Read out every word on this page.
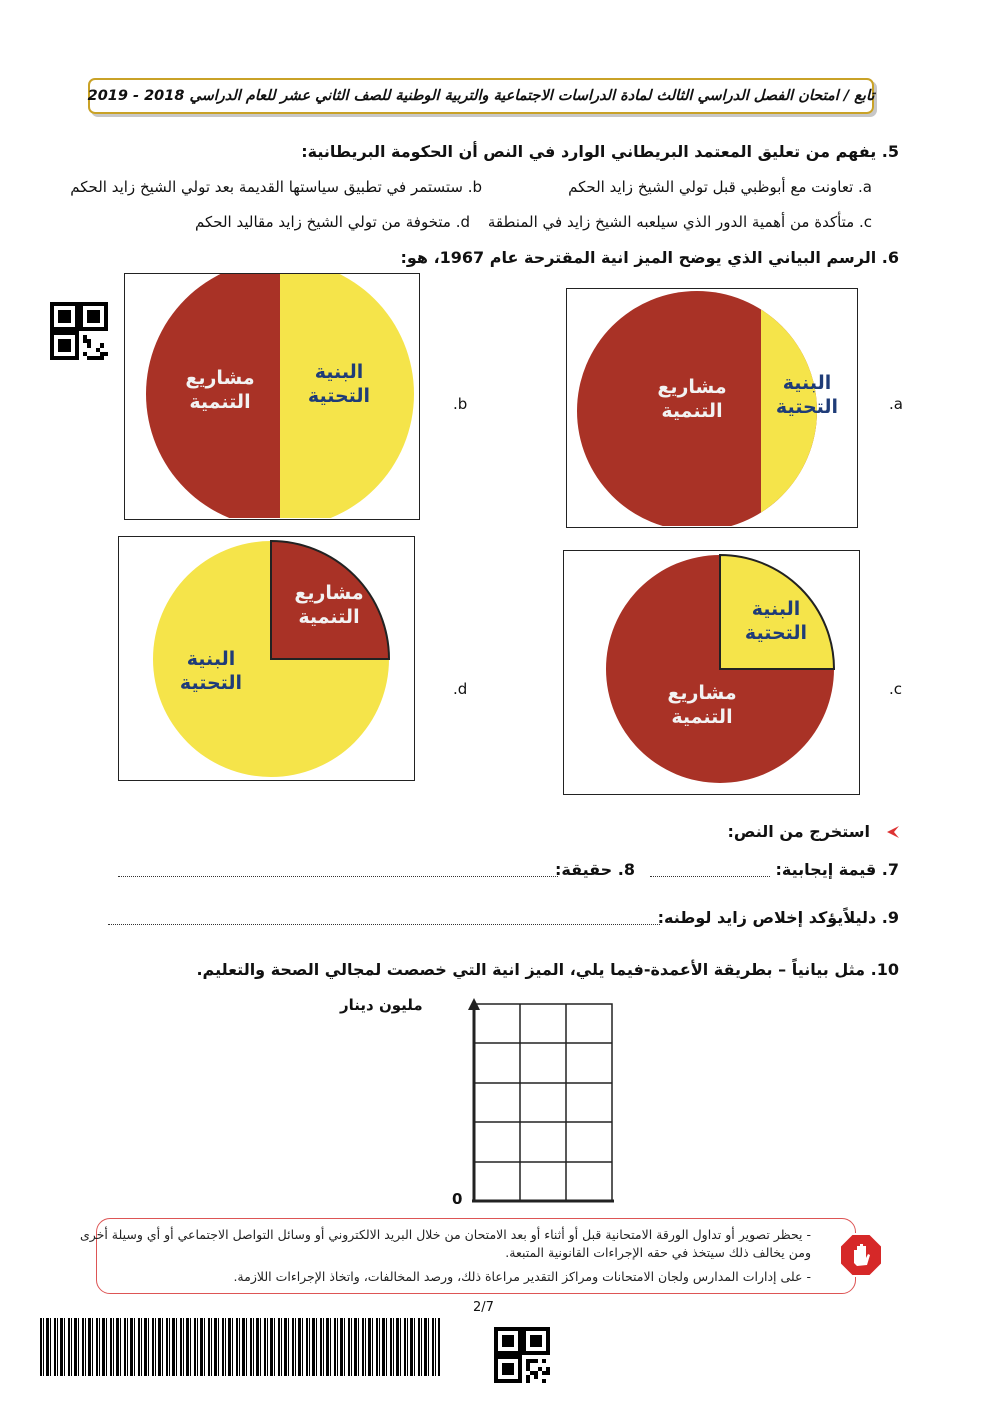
تابع / امتحان الفصل الدراسي الثالث لمادة الدراسات الاجتماعية والتربية الوطنية للصف الثاني عشر للعام الدراسي 2018 - 2019
5. يفهم من تعليق المعتمد البريطاني الوارد في النص أن الحكومة البريطانية:
a. تعاونت مع أبوظبي قبل تولي الشيخ زايد الحكم
b. ستستمر في تطبيق سياستها القديمة بعد تولي الشيخ زايد الحكم
c. متأكدة من أهمية الدور الذي سيلعبه الشيخ زايد في المنطقة
d. متخوفة من تولي الشيخ زايد مقاليد الحكم
6. الرسم البياني الذي يوضح الميز انية المقترحة عام 1967، هو:
مشاريع
التنمية
البنية
التحتية	.b
مشاريع
التنمية
البنية
التحتية	.a
مشاريع
التنمية
البنية
التحتية	.d	مشاريع
التنمية
البنية
التحتية
.c
استخرج من النص:
7. قيمة إيجابية:
8. حقيقة:
9. دليلاًيؤكد إخلاص زايد لوطنه:
10. مثل بيانياً – بطريقة الأعمدة-فيما يلي، الميز انية التي خصصت لمجالي الصحة والتعليم.
مليون دينار
0
- يحظر تصوير أو تداول الورقة الامتحانية قبل أو أثناء أو بعد الامتحان من خلال البريد الالكتروني أو وسائل التواصل الاجتماعي أو أي وسيلة أخرى
ومن يخالف ذلك سيتخذ في حقه الإجراءات القانونية المتبعة.
- على إدارات المدارس ولجان الامتحانات ومراكز التقدير مراعاة ذلك، ورصد المخالفات، واتخاذ الإجراءات اللازمة.
2/7
